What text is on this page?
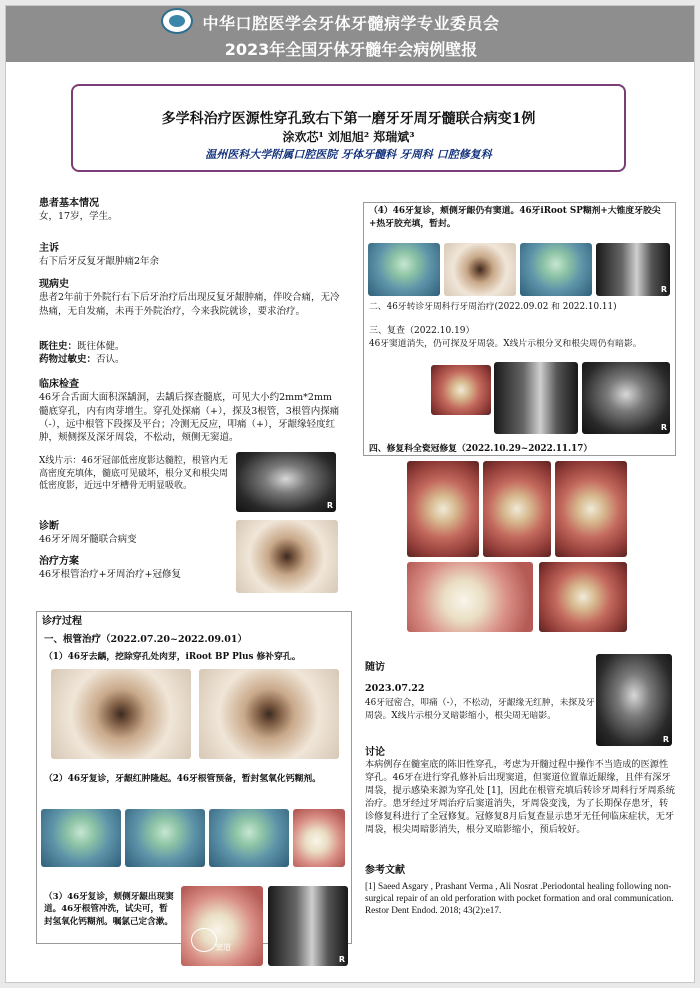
中华口腔医学会牙体牙髓病学专业委员会
2023年全国牙体牙髓年会病例壁报
多学科治疗医源性穿孔致右下第一磨牙牙周牙髓联合病变1例
涂欢芯¹ 刘旭旭² 郑瑞斌³
温州医科大学附属口腔医院 牙体牙髓科 牙周科 口腔修复科
患者基本情况
女，17岁，学生。
主诉
右下后牙反复牙龈肿痛2年余
现病史
患者2年前于外院行右下后牙治疗后出现反复牙龈肿痛，伴咬合痛，无冷热痛，无自发痛，未再于外院治疗，今来我院就诊，要求治疗。
既往史：既往体健。
药物过敏史：否认。
临床检查
46牙合舌面大面积深龋洞，去龋后探查髓底，可见大小约2mm*2mm髓底穿孔，内有肉芽增生。穿孔处探痛（+），探及3根管，3根管内探痛（-），远中根管下段探及平台；冷测无反应，叩痛（+），牙龈缘轻度红肿，颊侧探及深牙周袋，不松动，颊侧无窦道。
X线片示：46牙冠部低密度影达髓腔，根管内无高密度充填体，髓底可见破坏，根分叉和根尖周低密度影，近远中牙槽骨无明显吸收。
R
诊断
46牙牙周牙髓联合病变
治疗方案
46牙根管治疗+牙周治疗+冠修复
诊疗过程
一、根管治疗（2022.07.20~2022.09.01）
（1）46牙去龋，挖除穿孔处肉芽，iRoot BP Plus 修补穿孔。
（2）46牙复诊，牙龈红肿隆起。46牙根管预备，暂封氢氧化钙糊剂。
（3）46牙复诊，颊侧牙龈出现窦道。46牙根管冲洗，试尖可，暂封氢氧化钙糊剂。嘱氯己定含漱。
窦道
R
（4）46牙复诊，颊侧牙龈仍有窦道。46牙iRoot SP糊剂+大锥度牙胶尖+热牙胶充填，暂封。
R
二、46牙转诊牙周科行牙周治疗(2022.09.02 和 2022.10.11)
三、复查（2022.10.19）
46牙窦道消失，仍可探及牙周袋。X线片示根分叉和根尖周仍有暗影。
R
四、修复科全瓷冠修复（2022.10.29~2022.11.17）
随访
2023.07.22
46牙冠密合，叩痛（-），不松动，牙龈缘无红肿，未探及牙周袋。X线片示根分叉暗影缩小，根尖周无暗影。
R
讨论
本病例存在髓室底的陈旧性穿孔，考虑为开髓过程中操作不当造成的医源性穿孔。46牙在进行穿孔修补后出现窦道，但窦道位置靠近龈缘，且伴有深牙周袋，提示感染来源为穿孔处 [1]，因此在根管充填后转诊牙周科行牙周系统治疗。患牙经过牙周治疗后窦道消失，牙周袋变浅，为了长期保存患牙，转诊修复科进行了全冠修复。冠修复8月后复查显示患牙无任何临床症状，无牙周袋，根尖周暗影消失，根分叉暗影缩小，预后较好。
参考文献
[1] Saeed Asgary , Prashant Verma , Ali Nosrat .Periodontal healing following non-surgical repair of an old perforation with pocket formation and oral communication. Restor Dent Endod. 2018; 43(2):e17.
